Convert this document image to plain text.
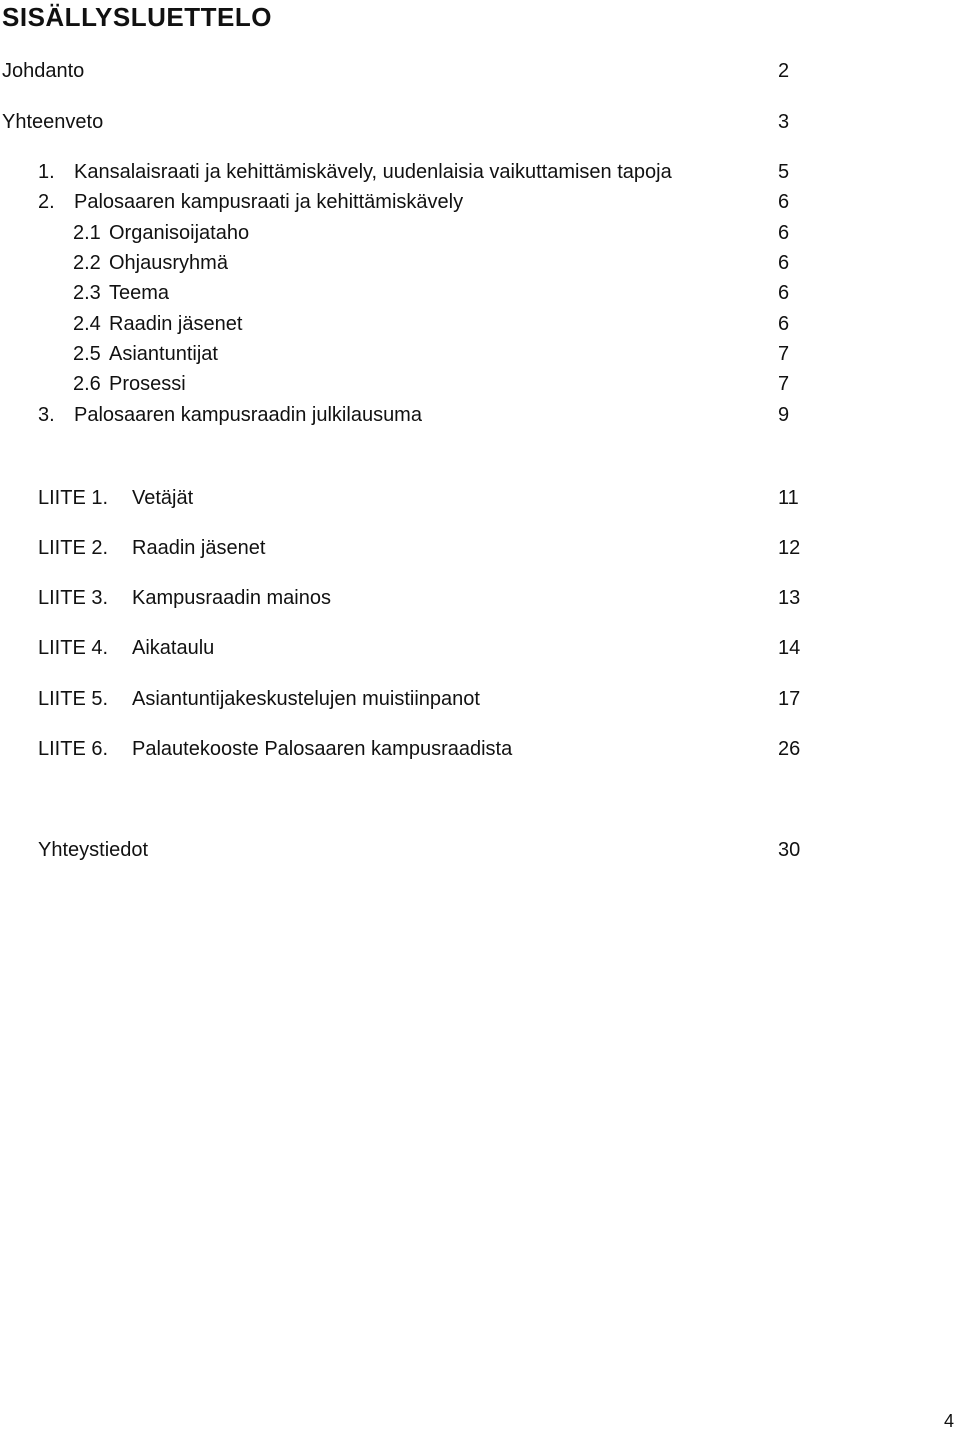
SISÄLLYSLUETTELO
Johdanto	2
Yhteenveto	3
1. Kansalaisraati ja kehittämiskävely, uudenlaisia vaikuttamisen tapoja	5
2. Palosaaren kampusraati ja kehittämiskävely	6
2.1 Organisoijataho	6
2.2 Ohjausryhmä	6
2.3 Teema	6
2.4 Raadin jäsenet	6
2.5 Asiantuntijat	7
2.6 Prosessi	7
3. Palosaaren kampusraadin julkilausuma	9
LIITE 1. Vetäjät	11
LIITE 2. Raadin jäsenet	12
LIITE 3. Kampusraadin mainos	13
LIITE 4. Aikataulu	14
LIITE 5. Asiantuntijakeskustelujen muistiinpanot	17
LIITE 6. Palautekooste Palosaaren kampusraadista	26
Yhteystiedot	30
4
